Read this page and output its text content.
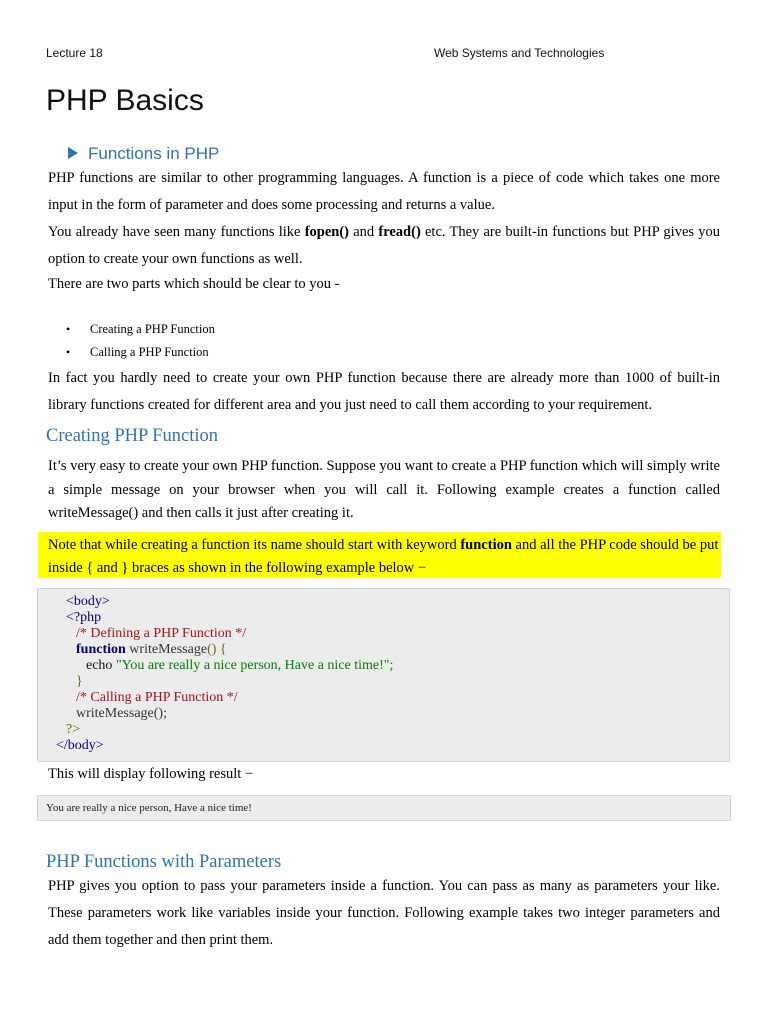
Lecture 18	Web Systems and Technologies
PHP Basics
Functions in PHP

PHP functions are similar to other programming languages. A function is a piece of code which takes one more input in the form of parameter and does some processing and returns a value.

You already have seen many functions like fopen() and fread() etc. They are built-in functions but PHP gives you option to create your own functions as well.

There are two parts which should be clear to you -

• Creating a PHP Function
• Calling a PHP Function

In fact you hardly need to create your own PHP function because there are already more than 1000 of built-in library functions created for different area and you just need to call them according to your requirement.

Creating PHP Function

It’s very easy to create your own PHP function. Suppose you want to create a PHP function which will simply write a simple message on your browser when you will call it. Following example creates a function called writeMessage() and then calls it just after creating it.

Note that while creating a function its name should start with keyword function and all the PHP code should be put inside { and } braces as shown in the following example below −
<body>
<?php
/* Defining a PHP Function */
function writeMessage() {
echo "You are really a nice person, Have a nice time!";
}
/* Calling a PHP Function */
writeMessage();
?>
</body>
This will display following result −
You are really a nice person, Have a nice time!
PHP Functions with Parameters

PHP gives you option to pass your parameters inside a function. You can pass as many as parameters your like. These parameters work like variables inside your function. Following example takes two integer parameters and add them together and then print them.
